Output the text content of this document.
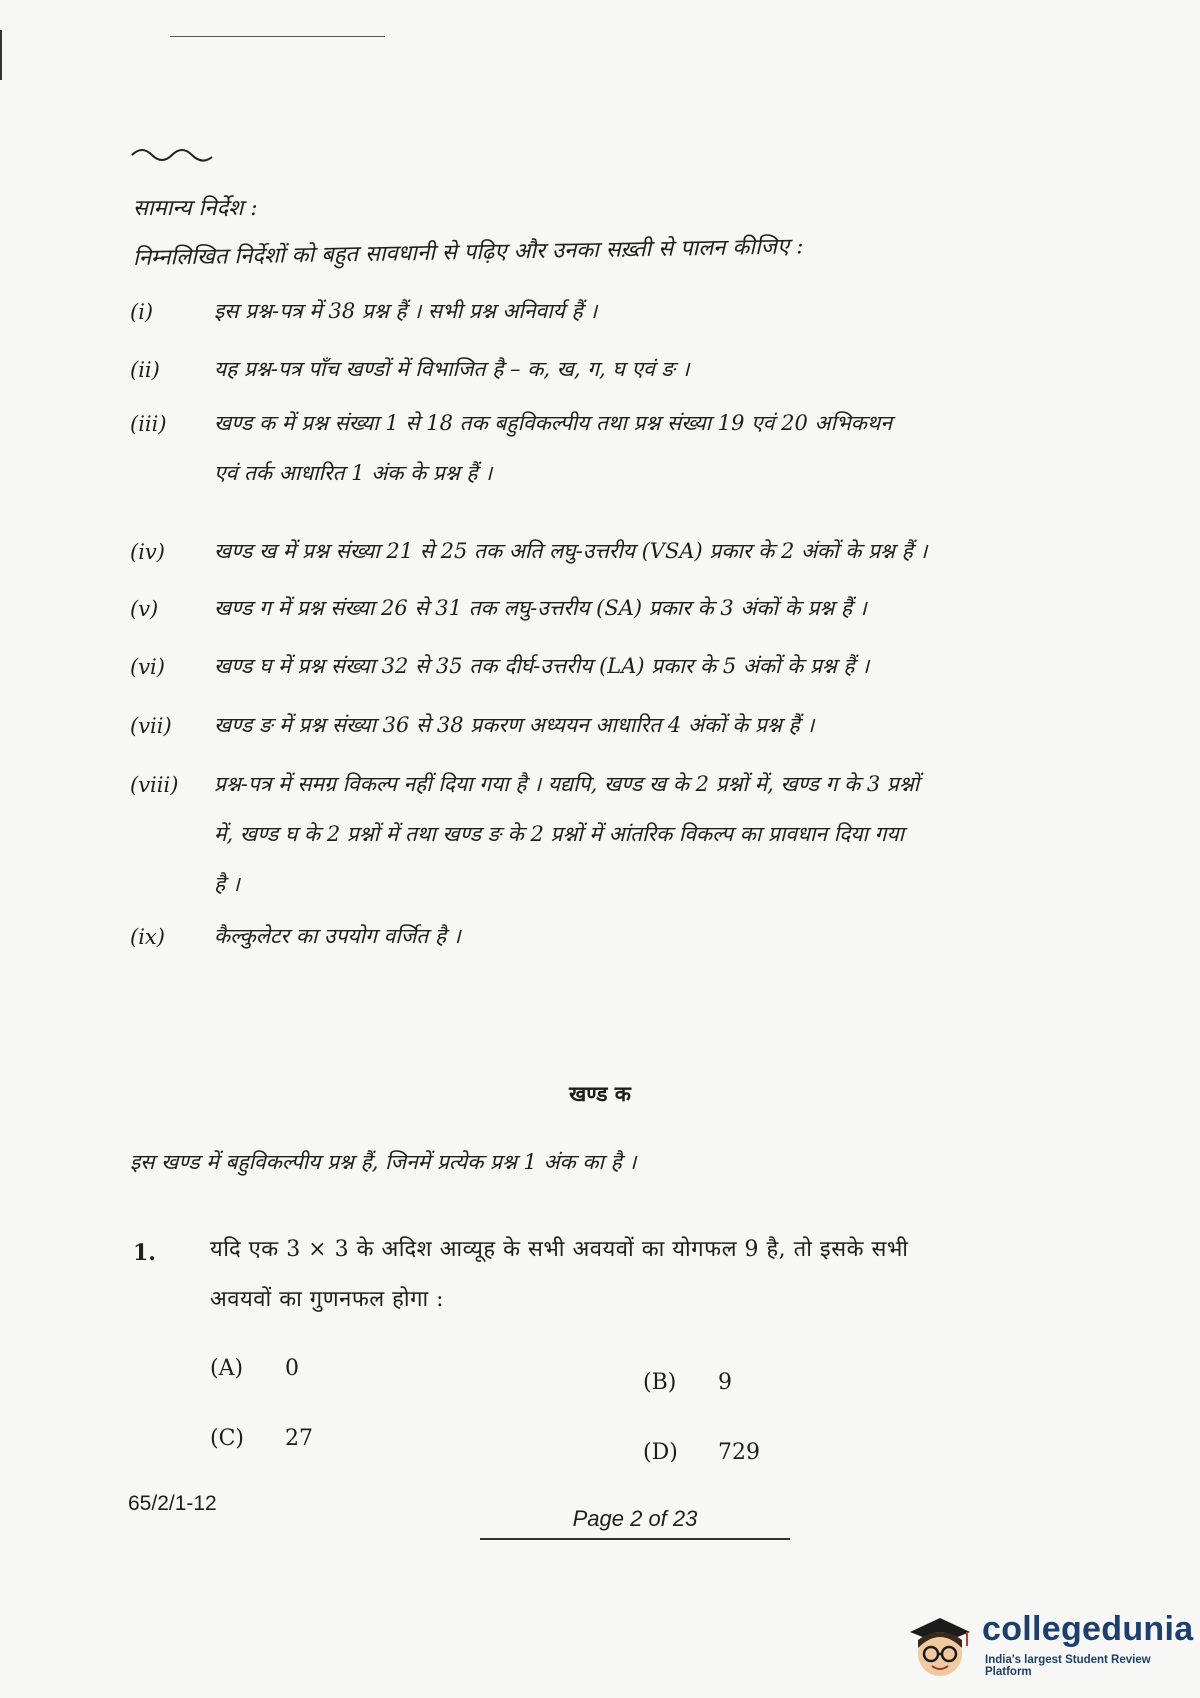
सामान्य निर्देश :
निम्नलिखित निर्देशों को बहुत सावधानी से पढ़िए और उनका सख़्ती से पालन कीजिए :
(i)	इस प्रश्न-पत्र में 38 प्रश्न हैं । सभी प्रश्न अनिवार्य हैं ।
(ii)	यह प्रश्न-पत्र पाँच खण्डों में विभाजित है – क, ख, ग, घ एवं ङ ।
(iii) खण्ड क में प्रश्न संख्या 1 से 18 तक बहुविकल्पीय तथा प्रश्न संख्या 19 एवं 20 अभिकथन
एवं तर्क आधारित 1 अंक के प्रश्न हैं ।
(iv) खण्ड ख में प्रश्न संख्या 21 से 25 तक अति लघु-उत्तरीय (VSA) प्रकार के 2 अंकों के प्रश्न हैं ।
(v)	खण्ड ग में प्रश्न संख्या 26 से 31 तक लघु-उत्तरीय (SA) प्रकार के 3 अंकों के प्रश्न हैं ।
(vi) खण्ड घ में प्रश्न संख्या 32 से 35 तक दीर्घ-उत्तरीय (LA) प्रकार के 5 अंकों के प्रश्न हैं ।
(vii) खण्ड ङ में प्रश्न संख्या 36 से 38 प्रकरण अध्ययन आधारित 4 अंकों के प्रश्न हैं ।
(viii) प्रश्न-पत्र में समग्र विकल्प नहीं दिया गया है । यद्यपि, खण्ड ख के 2 प्रश्नों में, खण्ड ग के 3 प्रश्नों
में, खण्ड घ के 2 प्रश्नों में तथा खण्ड ङ के 2 प्रश्नों में आंतरिक विकल्प का प्रावधान दिया गया
है ।
(ix) कैल्कुलेटर का उपयोग वर्जित है ।
खण्ड क
इस खण्ड में बहुविकल्पीय प्रश्न हैं, जिनमें प्रत्येक प्रश्न 1 अंक का है ।
1. यदि एक 3 × 3 के अदिश आव्यूह के सभी अवयवों का योगफल 9 है, तो इसके सभी
अवयवों का गुणनफल होगा :
(A) 0
(B) 9
(C) 27
(D) 729
65/2/1-12
Page 2 of 23
collegedunia
India's largest Student Review Platform
